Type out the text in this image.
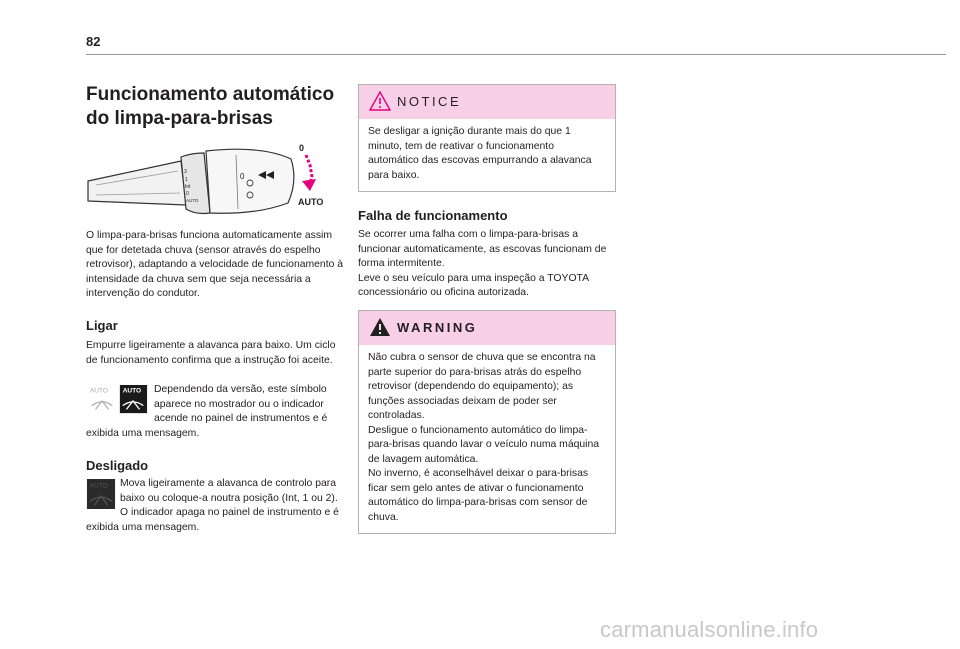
82
Funcionamento automático
do limpa-para-brisas
3
1
Int
0
AUTO
0
0
AUTO

O limpa-para-brisas funciona automaticamente assim que for detetada chuva (sensor através do espelho retrovisor), adaptando a velocidade de funcionamento à intensidade da chuva sem que seja necessária a intervenção do condutor.

Ligar

Empurre ligeiramente a alavanca para baixo. Um ciclo de funcionamento confirma que a instrução foi aceite.

AUTO AUTO	Dependendo da versão, este símbolo aparece no mostrador ou o indicador acende no painel de instrumentos e é exibida uma mensagem.

Desligado
AUTO	Mova ligeiramente a alavanca de controlo para baixo ou coloque-a noutra posição (Int, 1 ou 2).

O indicador apaga no painel de instrumento e é exibida uma mensagem.

NOTICE

Se desligar a ignição durante mais do que 1 minuto, tem de reativar o funcionamento automático das escovas empurrando a alavanca para baixo.

Falha de funcionamento

Se ocorrer uma falha com o limpa-para-brisas a funcionar automaticamente, as escovas funcionam de forma intermitente.

Leve o seu veículo para uma inspeção a TOYOTA concessionário ou oficina autorizada.

WARNING

Não cubra o sensor de chuva que se encontra na parte superior do para-brisas atrás do espelho retrovisor (dependendo do equipamento); as funções associadas deixam de poder ser controladas.

Desligue o funcionamento automático do limpa-para-brisas quando lavar o veículo numa máquina de lavagem automática.

No inverno, é aconselhável deixar o para-brisas ficar sem gelo antes de ativar o funcionamento automático do limpa-para-brisas com sensor de chuva.

carmanualsonline.info
